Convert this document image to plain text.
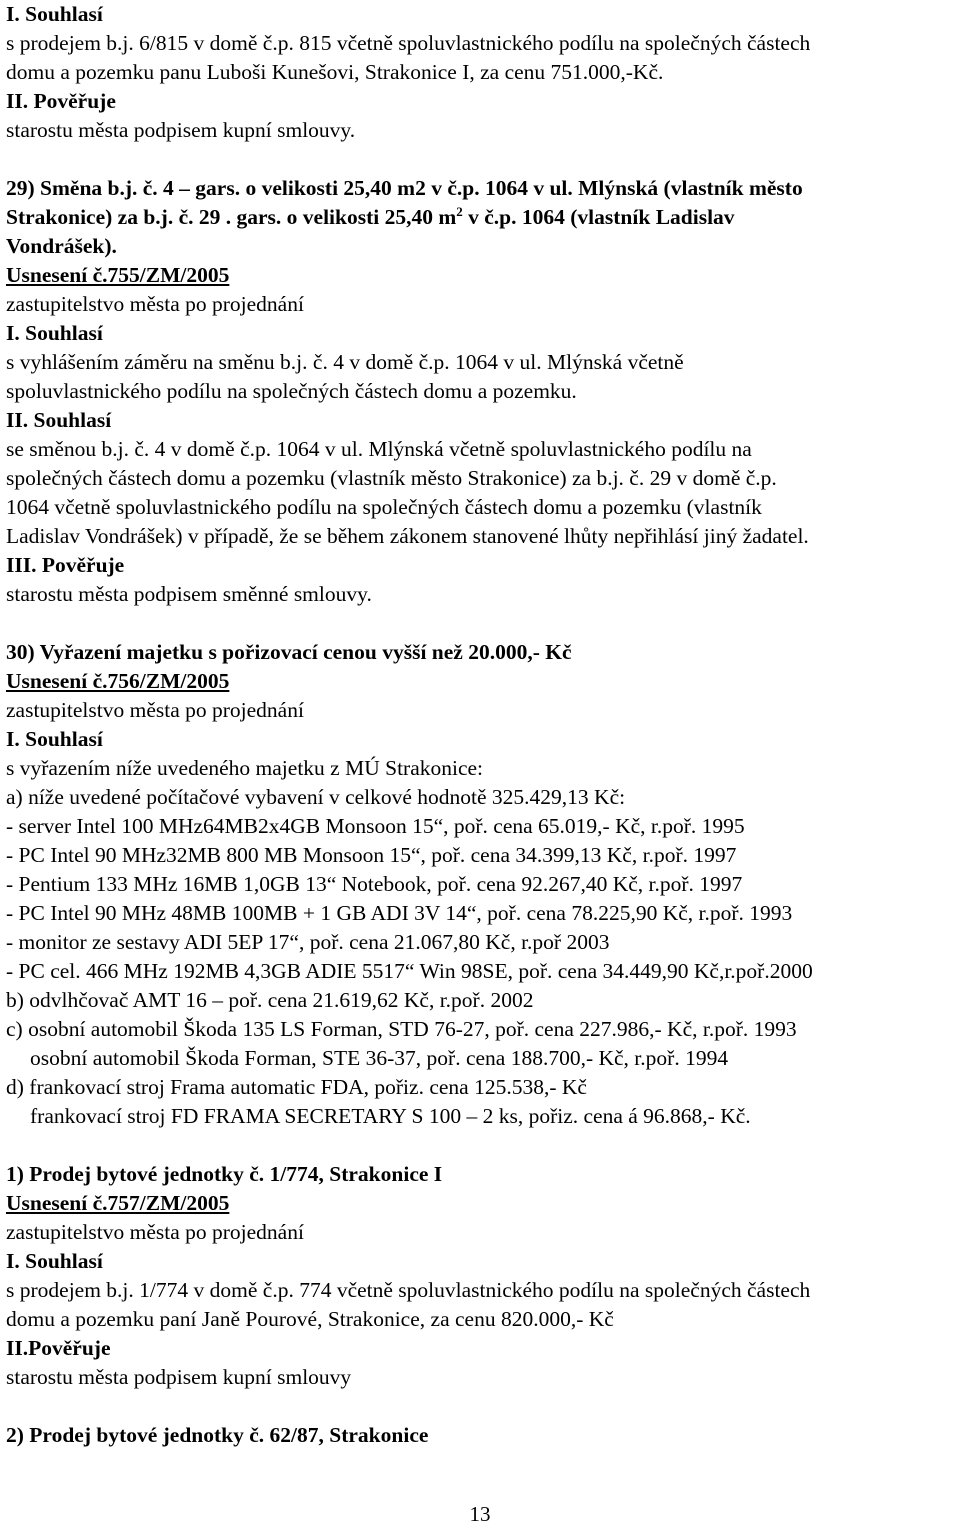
I. Souhlasí
s prodejem b.j. 6/815 v domě č.p. 815 včetně spoluvlastnického podílu na společných částech
domu a pozemku panu Luboši Kunešovi, Strakonice I, za cenu 751.000,-Kč.
II. Pověřuje
starostu města podpisem kupní smlouvy.
29) Směna b.j. č. 4 – gars. o velikosti 25,40 m2 v č.p. 1064 v ul. Mlýnská (vlastník město
Strakonice) za b.j. č. 29 . gars. o velikosti 25,40 $m^2$ v č.p. 1064 (vlastník Ladislav
Vondrášek).
Usnesení č.755/ZM/2005
zastupitelstvo města po projednání
I. Souhlasí
s vyhlášením záměru na směnu b.j. č. 4 v domě č.p. 1064 v ul. Mlýnská včetně
spoluvlastnického podílu na společných částech domu a pozemku.
II. Souhlasí
se směnou b.j. č. 4 v domě č.p. 1064 v ul. Mlýnská včetně spoluvlastnického podílu na
společných částech domu a pozemku (vlastník město Strakonice) za b.j. č. 29 v domě č.p.
1064 včetně spoluvlastnického podílu na společných částech domu a pozemku (vlastník
Ladislav Vondrášek) v případě, že se během zákonem stanovené lhůty nepřihlásí jiný žadatel.
III. Pověřuje
starostu města podpisem směnné smlouvy.
30) Vyřazení majetku s pořizovací cenou vyšší než 20.000,- Kč
Usnesení č.756/ZM/2005
zastupitelstvo města po projednání
I. Souhlasí
s vyřazením níže uvedeného majetku z MÚ Strakonice:
a) níže uvedené počítačové vybavení v celkové hodnotě 325.429,13 Kč:
- server Intel 100 MHz64MB2x4GB Monsoon 15“, poř. cena 65.019,- Kč, r.poř. 1995
- PC Intel 90 MHz32MB 800 MB Monsoon 15“, poř. cena 34.399,13 Kč, r.poř. 1997
- Pentium 133 MHz 16MB 1,0GB 13“ Notebook, poř. cena 92.267,40 Kč, r.poř. 1997
- PC Intel 90 MHz 48MB 100MB + 1 GB ADI 3V 14“, poř. cena 78.225,90 Kč, r.poř. 1993
- monitor ze sestavy ADI 5EP 17“, poř. cena 21.067,80 Kč, r.poř 2003
- PC cel. 466 MHz 192MB 4,3GB ADIE 5517“ Win 98SE, poř. cena 34.449,90 Kč,r.poř.2000
b) odvlhčovač AMT 16 – poř. cena 21.619,62 Kč, r.poř. 2002
c) osobní automobil Škoda 135 LS Forman, STD 76-27, poř. cena 227.986,- Kč, r.poř. 1993
osobní automobil Škoda Forman, STE 36-37, poř. cena 188.700,- Kč, r.poř. 1994
d) frankovací stroj Frama automatic FDA, pořiz. cena 125.538,- Kč
frankovací stroj FD FRAMA SECRETARY S 100 – 2 ks, pořiz. cena á 96.868,- Kč.
1) Prodej bytové jednotky č. 1/774, Strakonice I
Usnesení č.757/ZM/2005
zastupitelstvo města po projednání
I. Souhlasí
s prodejem b.j. 1/774 v domě č.p. 774 včetně spoluvlastnického podílu na společných částech
domu a pozemku paní Janě Pourové, Strakonice, za cenu 820.000,- Kč
II.Pověřuje
starostu města podpisem kupní smlouvy
2) Prodej bytové jednotky č. 62/87, Strakonice
13
